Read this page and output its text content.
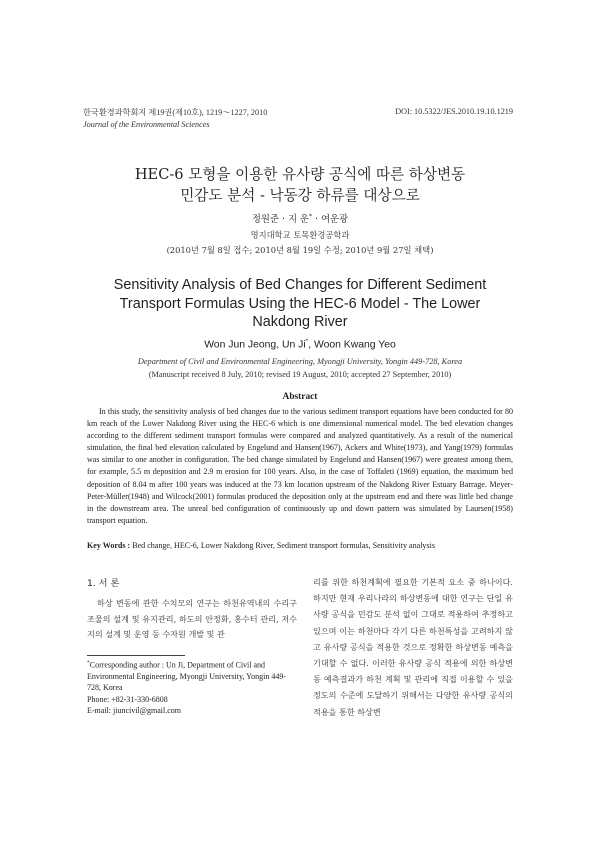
한국환경과학회지 제19권(제10호), 1219～1227, 2010
Journal of the Environmental Sciences
DOI: 10.5322/JES.2010.19.10.1219
HEC-6 모형을 이용한 유사량 공식에 따른 하상변동
민감도 분석 - 낙동강 하류를 대상으로
정원준 · 지 운* · 여운광
명지대학교 토목환경공학과
(2010년 7월 8일 접수; 2010년 8월 19일 수정; 2010년 9월 27일 채택)
Sensitivity Analysis of Bed Changes for Different Sediment
Transport Formulas Using the HEC-6 Model - The Lower
Nakdong River
Won Jun Jeong, Un Ji*, Woon Kwang Yeo
Department of Civil and Environmental Engineering, Myongji University, Yongin 449-728, Korea
(Manuscript received 8 July, 2010; revised 19 August, 2010; accepted 27 September, 2010)
Abstract
In this study, the sensitivity analysis of bed changes due to the various sediment transport equations have been conducted for 80 km reach of the Lower Nakdong River using the HEC-6 which is one dimensional numerical model. The bed elevation changes according to the different sediment transport formulas were compared and analyzed quantitatively. As a result of the numerical simulation, the final bed elevation calculated by Engelund and Hansen(1967), Ackers and White(1973), and Yang(1979) formulas was similar to one another in configuration. The bed change simulated by Engelund and Hansen(1967) were greatest among them, for example, 5.5 m deposition and 2.9 m erosion for 100 years. Also, in the case of Toffaleti (1969) equation, the maximum bed deposition of 8.04 m after 100 years was induced at the 73 km location upstream of the Nakdong River Estuary Barrage. Meyer-Peter-Müller(1948) and Wilcock(2001) formulas produced the deposition only at the upstream end and there was little bed change in the downstream area. The unreal bed configuration of continuously up and down pattern was simulated by Laursen(1958) transport equation.
Key Words : Bed change, HEC-6, Lower Nakdong River, Sediment transport formulas, Sensitivity analysis
1. 서 론
하상 변동에 관한 수치모의 연구는 하천유역내의 수리구조물의 설계 및 유지관리, 하도의 안정화, 홍수터 관리, 저수지의 설계 및 운영 등 수자원 개발 및 관
*Corresponding author : Un Ji, Department of Civil and Environmental Engineering, Myongji University, Yongin 449-728, Korea
Phone: +82-31-330-6808
E-mail: jiuncivil@gmail.com
리를 위한 하천계획에 필요한 기본적 요소 중 하나이다. 하지만 현재 우리나라의 하상변동에 대한 연구는 단일 유사량 공식을 민감도 분석 없이 그대로 적용하여 추정하고 있으며 이는 하천마다 각기 다른 하천특성을 고려하지 않고 유사량 공식을 적용한 것으로 정확한 하상변동 예측을 기대할 수 없다. 이러한 유사량 공식 적용에 의한 하상변동 예측결과가 하천 계획 및 관리에 직접 이용할 수 있을 정도의 수준에 도달하기 위해서는 다양한 유사량 공식의 적용을 통한 하상변
